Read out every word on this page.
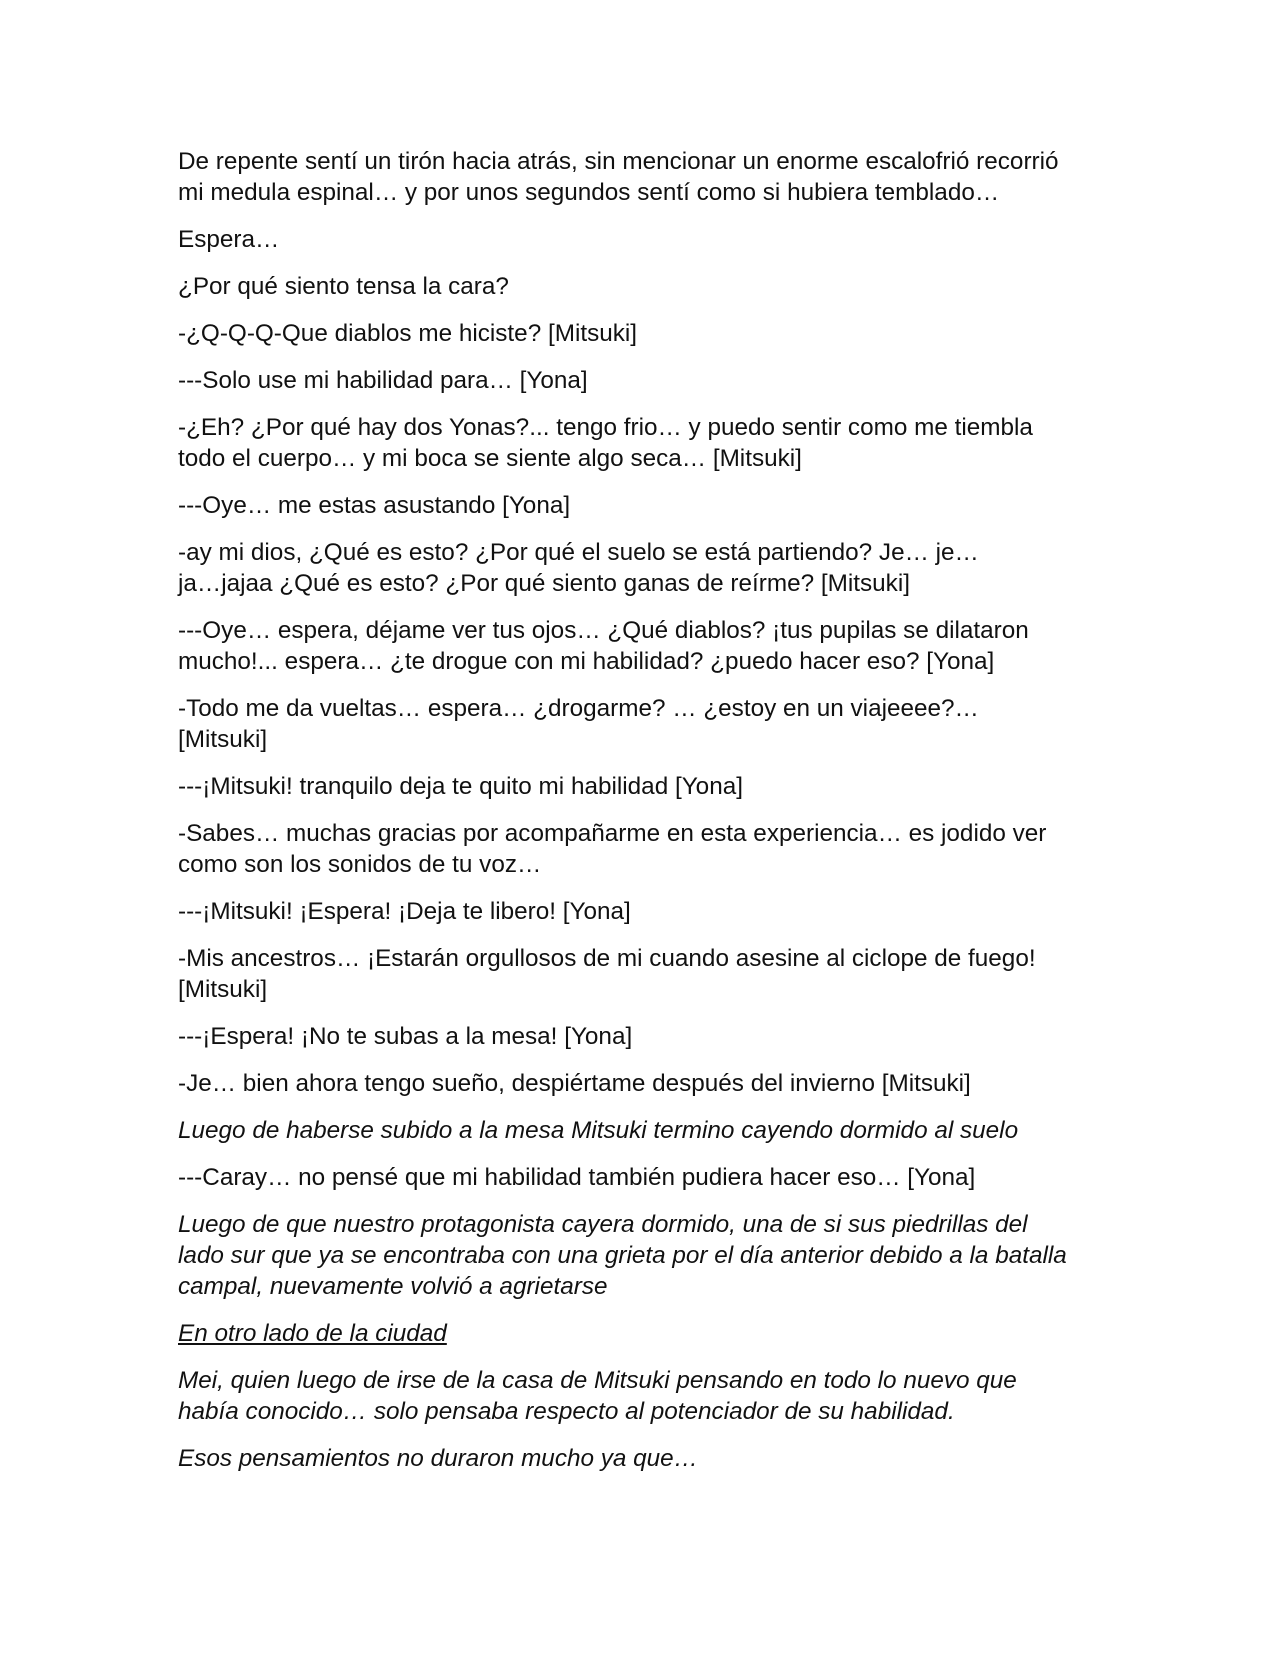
De repente sentí un tirón hacia atrás, sin mencionar un enorme escalofrió recorrió
mi medula espinal… y por unos segundos sentí como si hubiera temblado…

Espera…

¿Por qué siento tensa la cara?

-¿Q-Q-Q-Que diablos me hiciste? [Mitsuki]

---Solo use mi habilidad para… [Yona]

-¿Eh? ¿Por qué hay dos Yonas?... tengo frio… y puedo sentir como me tiembla
todo el cuerpo… y mi boca se siente algo seca… [Mitsuki]

---Oye… me estas asustando [Yona]

-ay mi dios, ¿Qué es esto? ¿Por qué el suelo se está partiendo? Je… je…
ja…jajaa ¿Qué es esto? ¿Por qué siento ganas de reírme? [Mitsuki]

---Oye… espera, déjame ver tus ojos… ¿Qué diablos? ¡tus pupilas se dilataron
mucho!... espera… ¿te drogue con mi habilidad? ¿puedo hacer eso? [Yona]

-Todo me da vueltas… espera… ¿drogarme? … ¿estoy en un viajeeee?…
[Mitsuki]

---¡Mitsuki! tranquilo deja te quito mi habilidad [Yona]

-Sabes… muchas gracias por acompañarme en esta experiencia… es jodido ver
como son los sonidos de tu voz…

---¡Mitsuki! ¡Espera! ¡Deja te libero! [Yona]

-Mis ancestros… ¡Estarán orgullosos de mi cuando asesine al ciclope de fuego!
[Mitsuki]

---¡Espera! ¡No te subas a la mesa! [Yona]

-Je… bien ahora tengo sueño, despiértame después del invierno [Mitsuki]

Luego de haberse subido a la mesa Mitsuki termino cayendo dormido al suelo

---Caray… no pensé que mi habilidad también pudiera hacer eso… [Yona]

Luego de que nuestro protagonista cayera dormido, una de si sus piedrillas del
lado sur que ya se encontraba con una grieta por el día anterior debido a la batalla
campal, nuevamente volvió a agrietarse

En otro lado de la ciudad

Mei, quien luego de irse de la casa de Mitsuki pensando en todo lo nuevo que
había conocido… solo pensaba respecto al potenciador de su habilidad.

Esos pensamientos no duraron mucho ya que…
